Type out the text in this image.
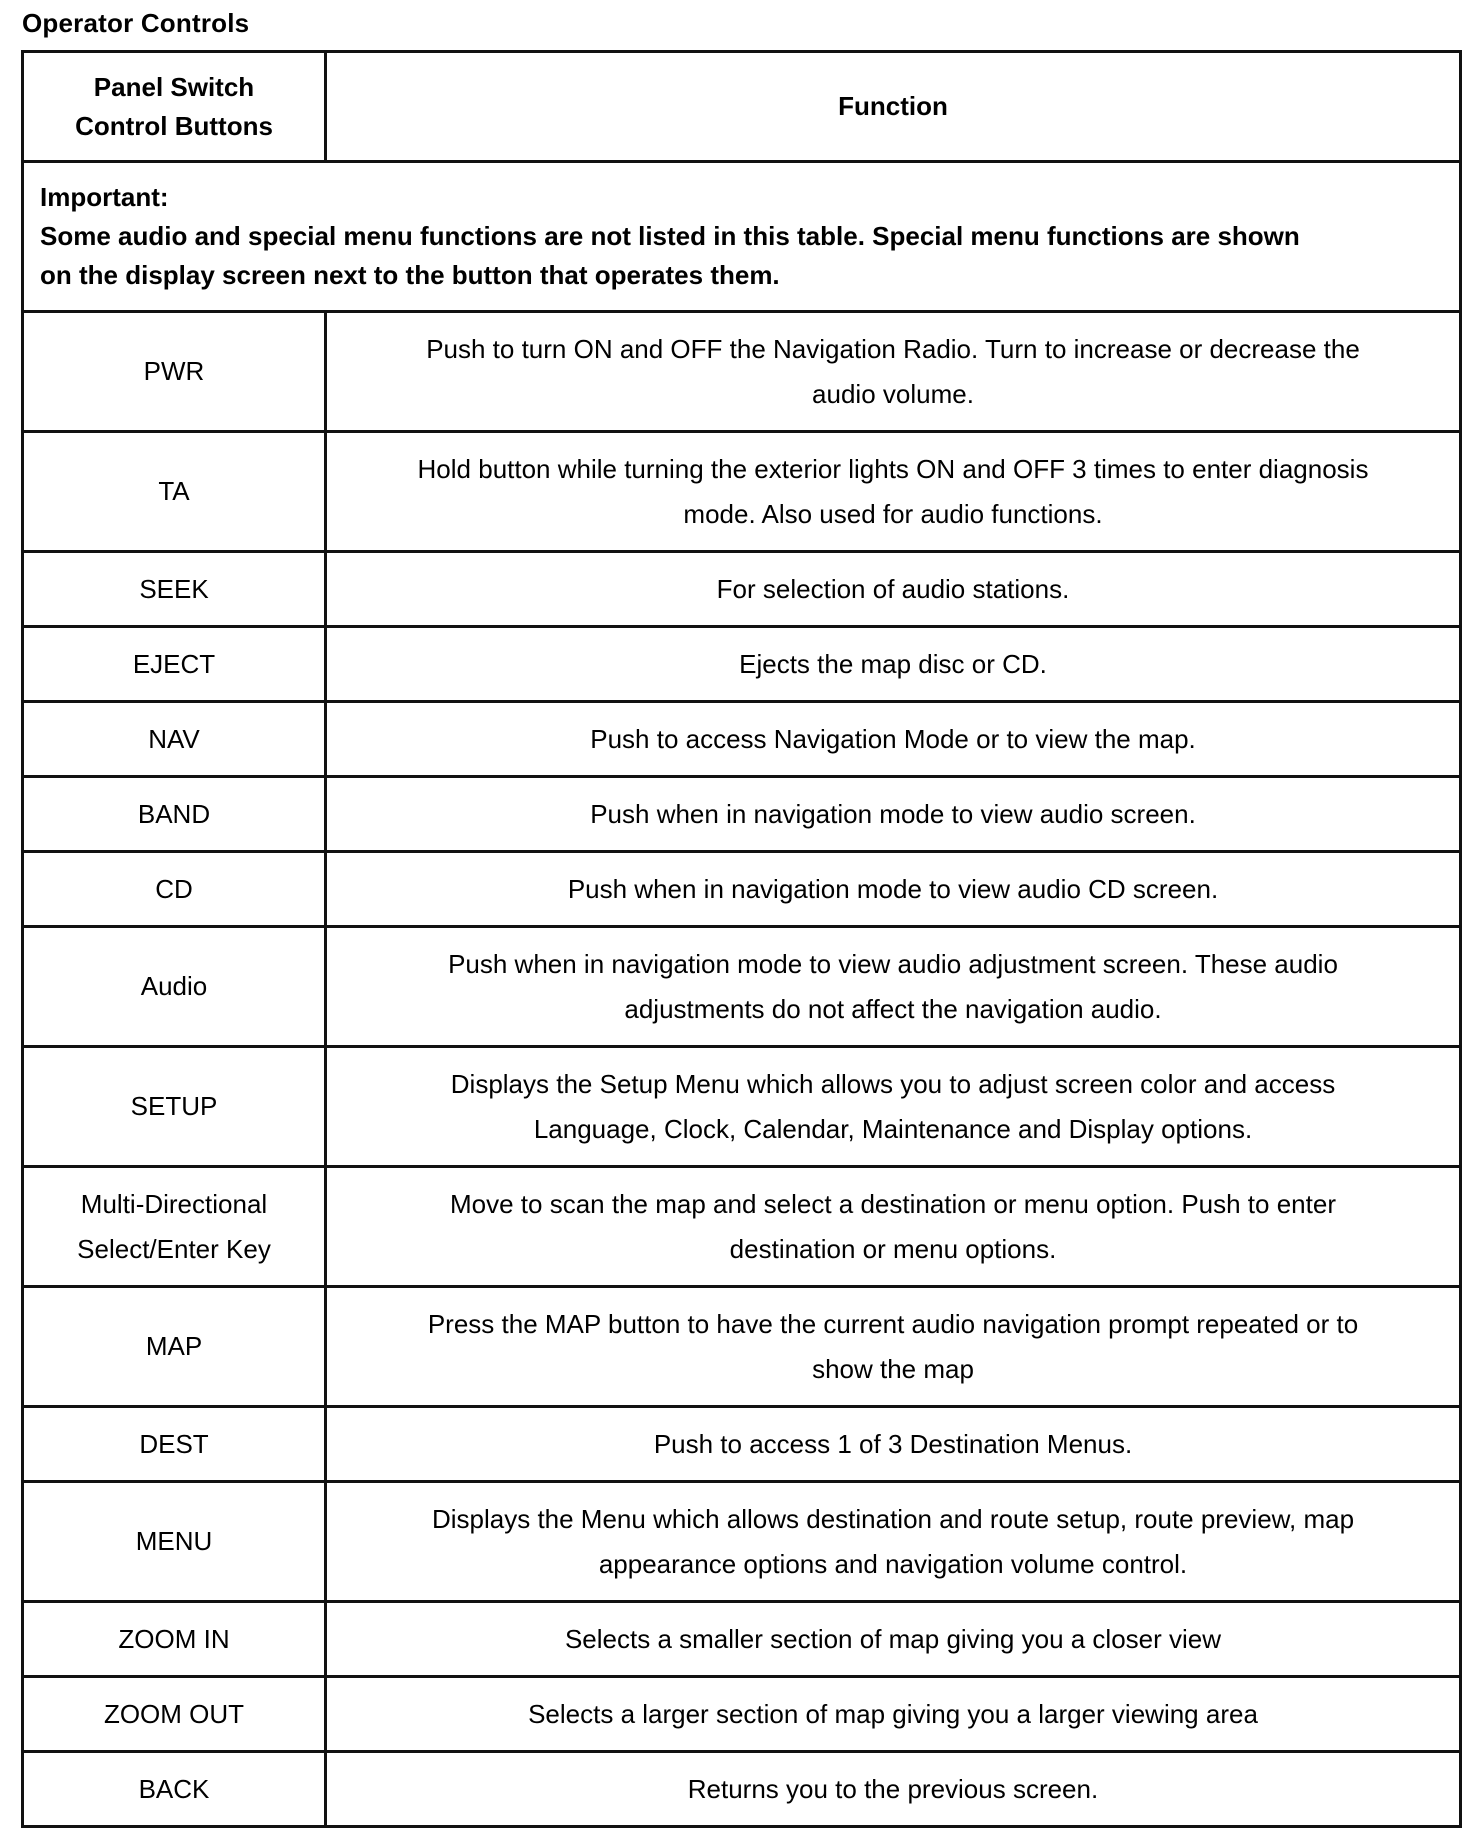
Operator Controls
Panel Switch
Control Buttons	Function

Important:
Some audio and special menu functions are not listed in this table. Special menu functions are shown
on the display screen next to the button that operates them.	

PWR	Push to turn ON and OFF the Navigation Radio. Turn to increase or decrease the
audio volume.

TA	Hold button while turning the exterior lights ON and OFF 3 times to enter diagnosis
mode. Also used for audio functions.

SEEK	For selection of audio stations.

EJECT	Ejects the map disc or CD.

NAV	Push to access Navigation Mode or to view the map.

BAND	Push when in navigation mode to view audio screen.

CD	Push when in navigation mode to view audio CD screen.

Audio	Push when in navigation mode to view audio adjustment screen. These audio
adjustments do not affect the navigation audio.

SETUP	Displays the Setup Menu which allows you to adjust screen color and access
Language, Clock, Calendar, Maintenance and Display options.

Multi-Directional
Select/Enter Key	Move to scan the map and select a destination or menu option. Push to enter
destination or menu options.

MAP	Press the MAP button to have the current audio navigation prompt repeated or to
show the map

DEST	Push to access 1 of 3 Destination Menus.

MENU	Displays the Menu which allows destination and route setup, route preview, map
appearance options and navigation volume control.

ZOOM IN	Selects a smaller section of map giving you a closer view

ZOOM OUT	Selects a larger section of map giving you a larger viewing area

BACK	Returns you to the previous screen.
